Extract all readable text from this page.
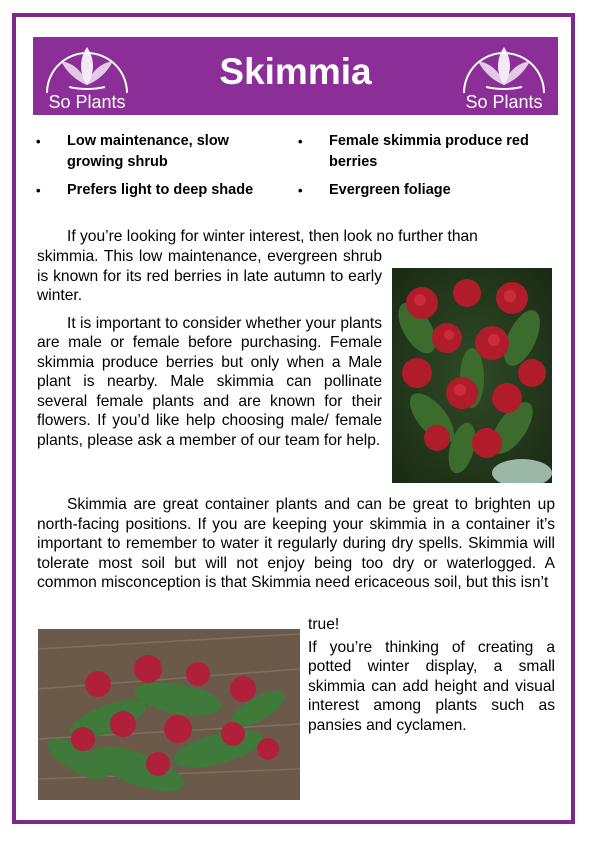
So Plants
Skimmia
So Plants
• Low maintenance, slow growing shrub
• Female skimmia produce red berries
• Prefers light to deep shade	• Evergreen foliage

If you’re looking for winter interest, then look no further than

skimmia. This low maintenance, evergreen shrub is known for its red berries in late autumn to early winter.

It is important to consider whether your plants are male or female before purchasing. Female skimmia produce berries but only when a Male plant is nearby. Male skimmia can pollinate several female plants and are known for their flowers. If you’d like help choosing male/ female plants, please ask a member of our team for help.

Skimmia are great container plants and can be great to brighten up north-facing positions. If you are keeping your skimmia in a container it’s important to remember to water it regularly during dry spells. Skimmia will tolerate most soil but will not enjoy being too dry or waterlogged. A common misconception is that Skimmia need ericaceous soil, but this isn’t

true!

If you’re thinking of creating a potted winter display, a small skimmia can add height and visual interest among plants such as pansies and cyclamen.
